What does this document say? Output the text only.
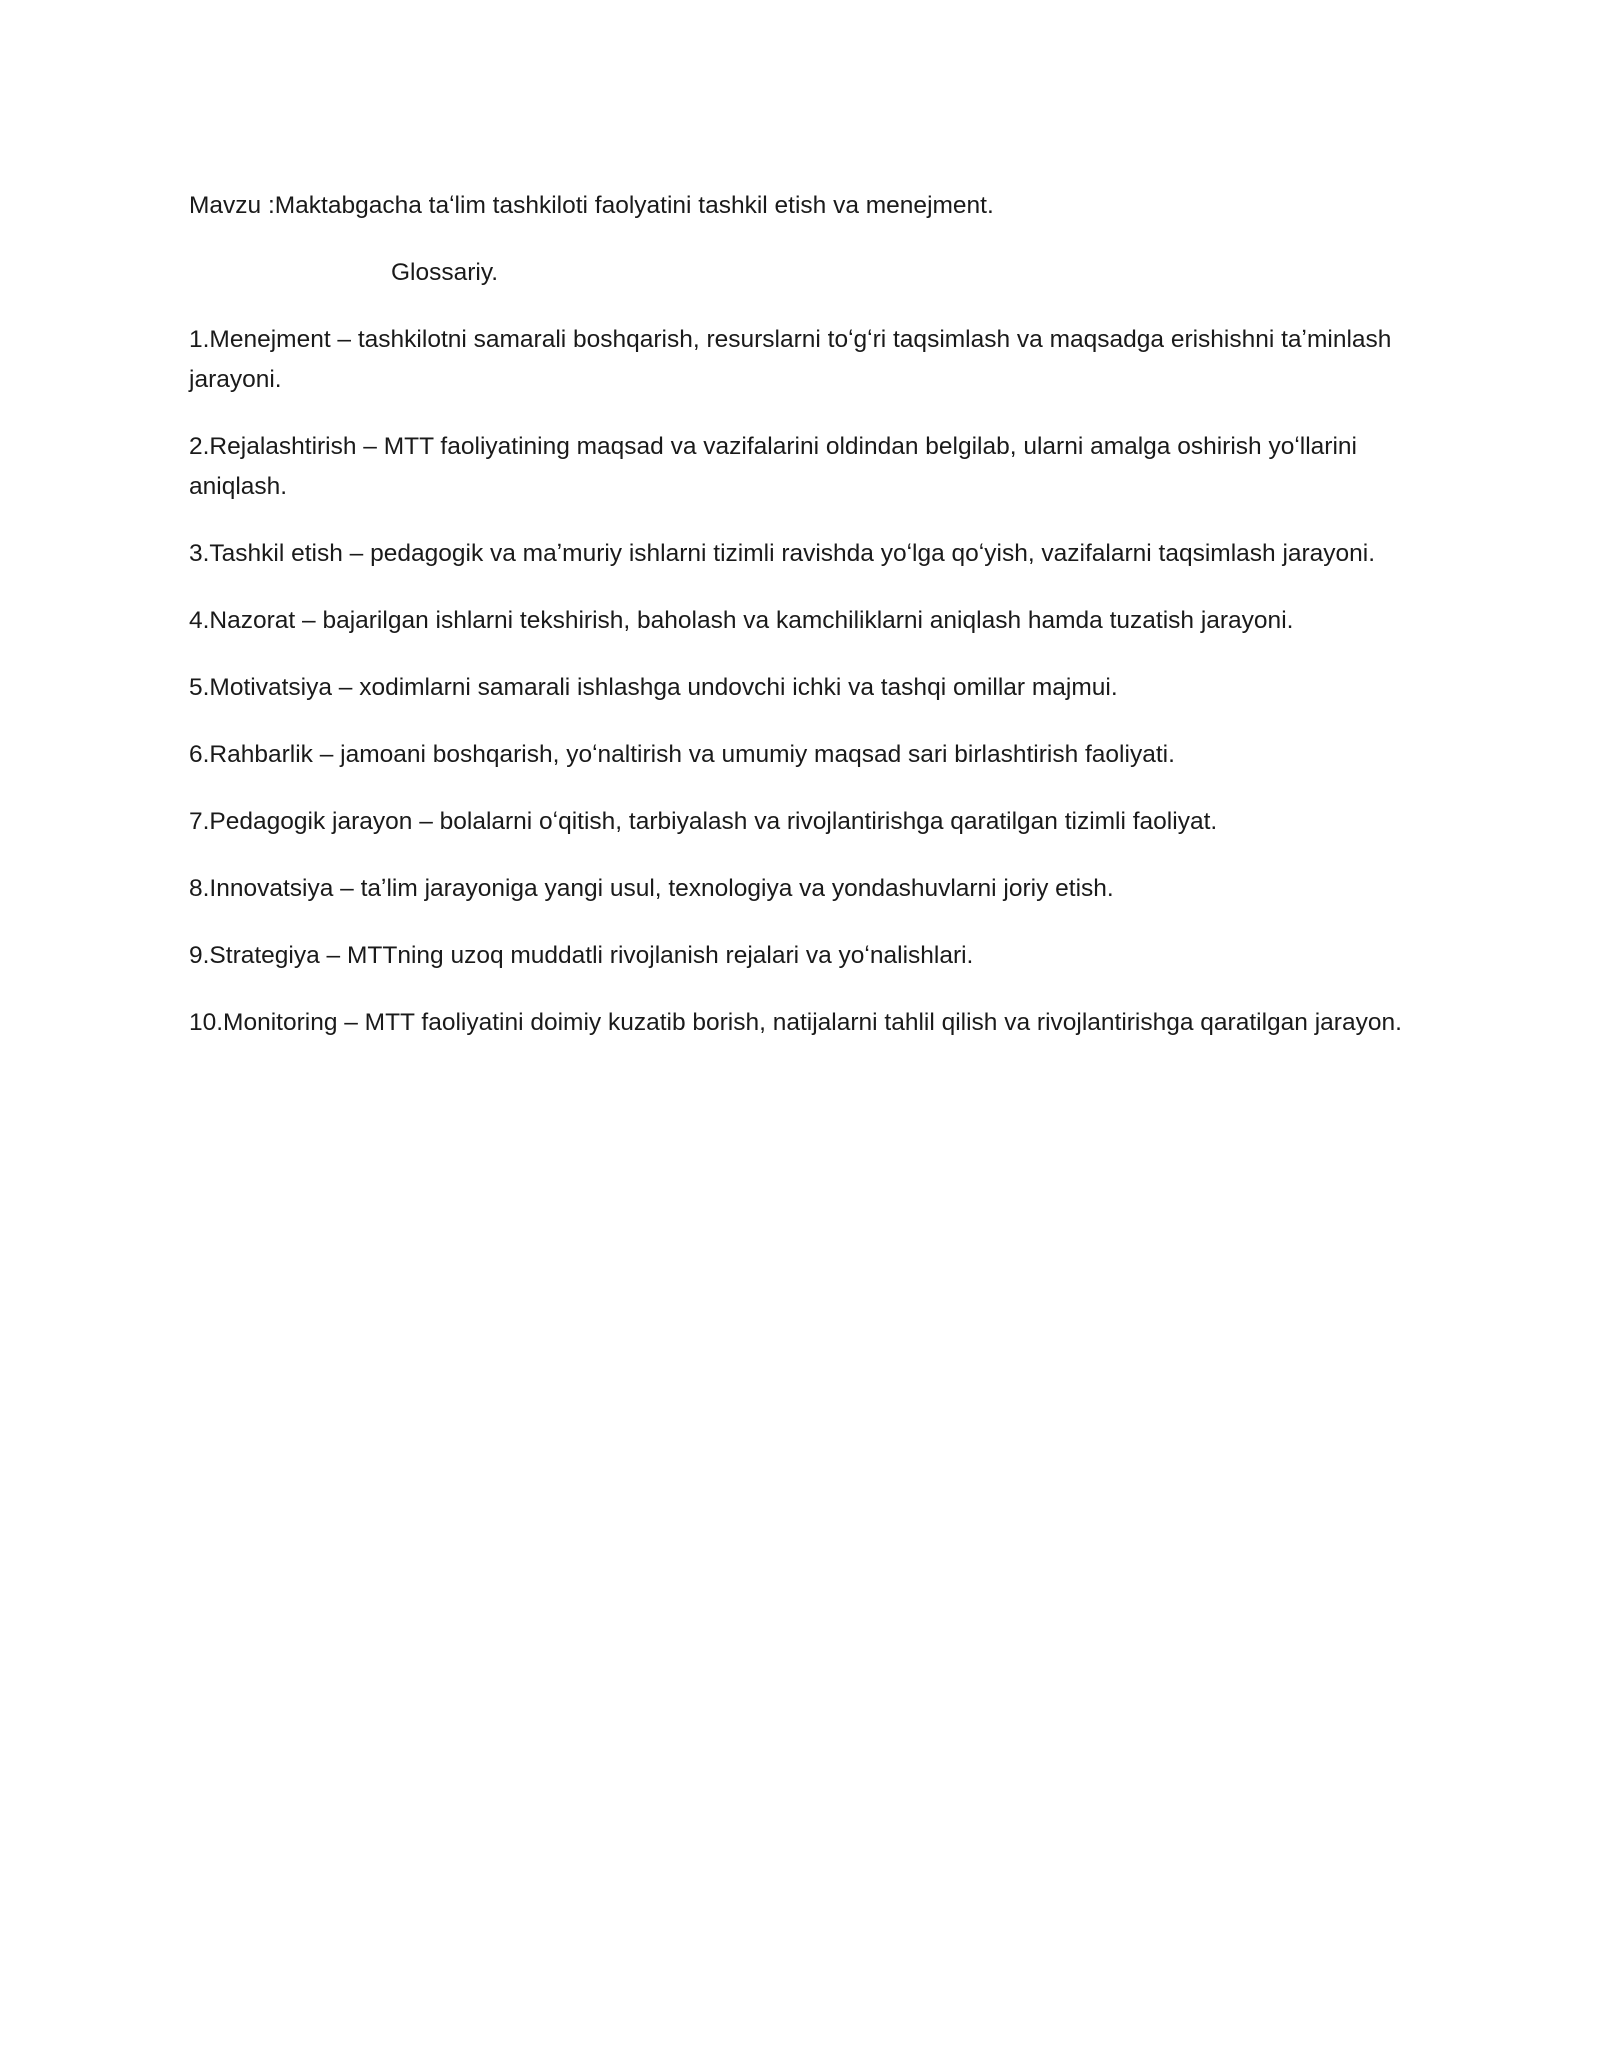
Mavzu :Maktabgacha taʻlim tashkiloti faolyatini tashkil etish va menejment.

Glossariy.

1.Menejment – tashkilotni samarali boshqarish, resurslarni toʻgʻri taqsimlash va maqsadga erishishni taʼminlash jarayoni.
2.Rejalashtirish – MTT faoliyatining maqsad va vazifalarini oldindan belgilab, ularni amalga oshirish yoʻllarini aniqlash.
3.Tashkil etish – pedagogik va maʼmuriy ishlarni tizimli ravishda yoʻlga qoʻyish, vazifalarni taqsimlash jarayoni.
4.Nazorat – bajarilgan ishlarni tekshirish, baholash va kamchiliklarni aniqlash hamda tuzatish jarayoni.
5.Motivatsiya – xodimlarni samarali ishlashga undovchi ichki va tashqi omillar majmui.
6.Rahbarlik – jamoani boshqarish, yoʻnaltirish va umumiy maqsad sari birlashtirish faoliyati.
7.Pedagogik jarayon – bolalarni oʻqitish, tarbiyalash va rivojlantirishga qaratilgan tizimli faoliyat.
8.Innovatsiya – taʼlim jarayoniga yangi usul, texnologiya va yondashuvlarni joriy etish.
9.Strategiya – MTTning uzoq muddatli rivojlanish rejalari va yoʻnalishlari.
10.Monitoring – MTT faoliyatini doimiy kuzatib borish, natijalarni tahlil qilish va rivojlantirishga qaratilgan jarayon.
